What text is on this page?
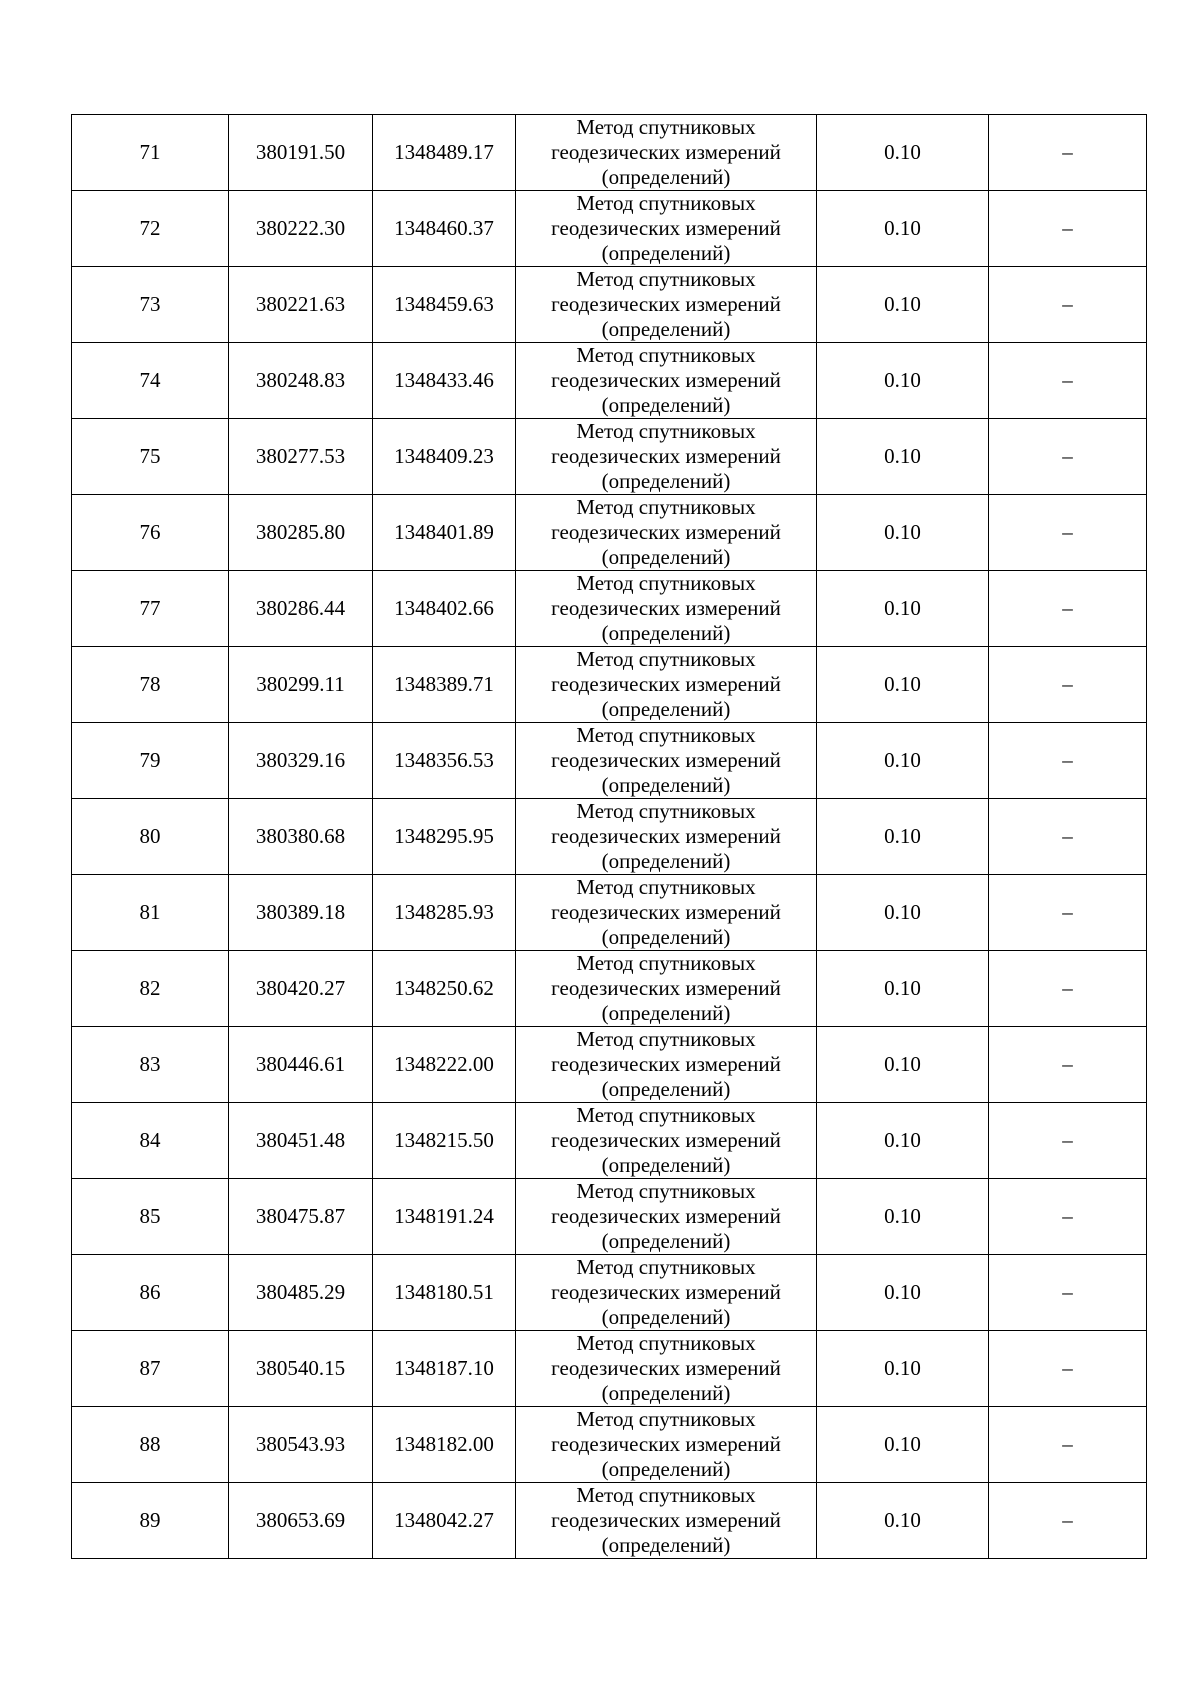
71	380191.50	1348489.17	Метод спутниковых
геодезических измерений
(определений)	0.10	–
72	380222.30	1348460.37	Метод спутниковых
геодезических измерений
(определений)	0.10	–
73	380221.63	1348459.63	Метод спутниковых
геодезических измерений
(определений)	0.10	–
74	380248.83	1348433.46	Метод спутниковых
геодезических измерений
(определений)	0.10	–
75	380277.53	1348409.23	Метод спутниковых
геодезических измерений
(определений)	0.10	–
76	380285.80	1348401.89	Метод спутниковых
геодезических измерений
(определений)	0.10	–
77	380286.44	1348402.66	Метод спутниковых
геодезических измерений
(определений)	0.10	–
78	380299.11	1348389.71	Метод спутниковых
геодезических измерений
(определений)	0.10	–
79	380329.16	1348356.53	Метод спутниковых
геодезических измерений
(определений)	0.10	–
80	380380.68	1348295.95	Метод спутниковых
геодезических измерений
(определений)	0.10	–
81	380389.18	1348285.93	Метод спутниковых
геодезических измерений
(определений)	0.10	–
82	380420.27	1348250.62	Метод спутниковых
геодезических измерений
(определений)	0.10	–
83	380446.61	1348222.00	Метод спутниковых
геодезических измерений
(определений)	0.10	–
84	380451.48	1348215.50	Метод спутниковых
геодезических измерений
(определений)	0.10	–
85	380475.87	1348191.24	Метод спутниковых
геодезических измерений
(определений)	0.10	–
86	380485.29	1348180.51	Метод спутниковых
геодезических измерений
(определений)	0.10	–
87	380540.15	1348187.10	Метод спутниковых
геодезических измерений
(определений)	0.10	–
88	380543.93	1348182.00	Метод спутниковых
геодезических измерений
(определений)	0.10	–
89	380653.69	1348042.27	Метод спутниковых
геодезических измерений
(определений)	0.10	–
